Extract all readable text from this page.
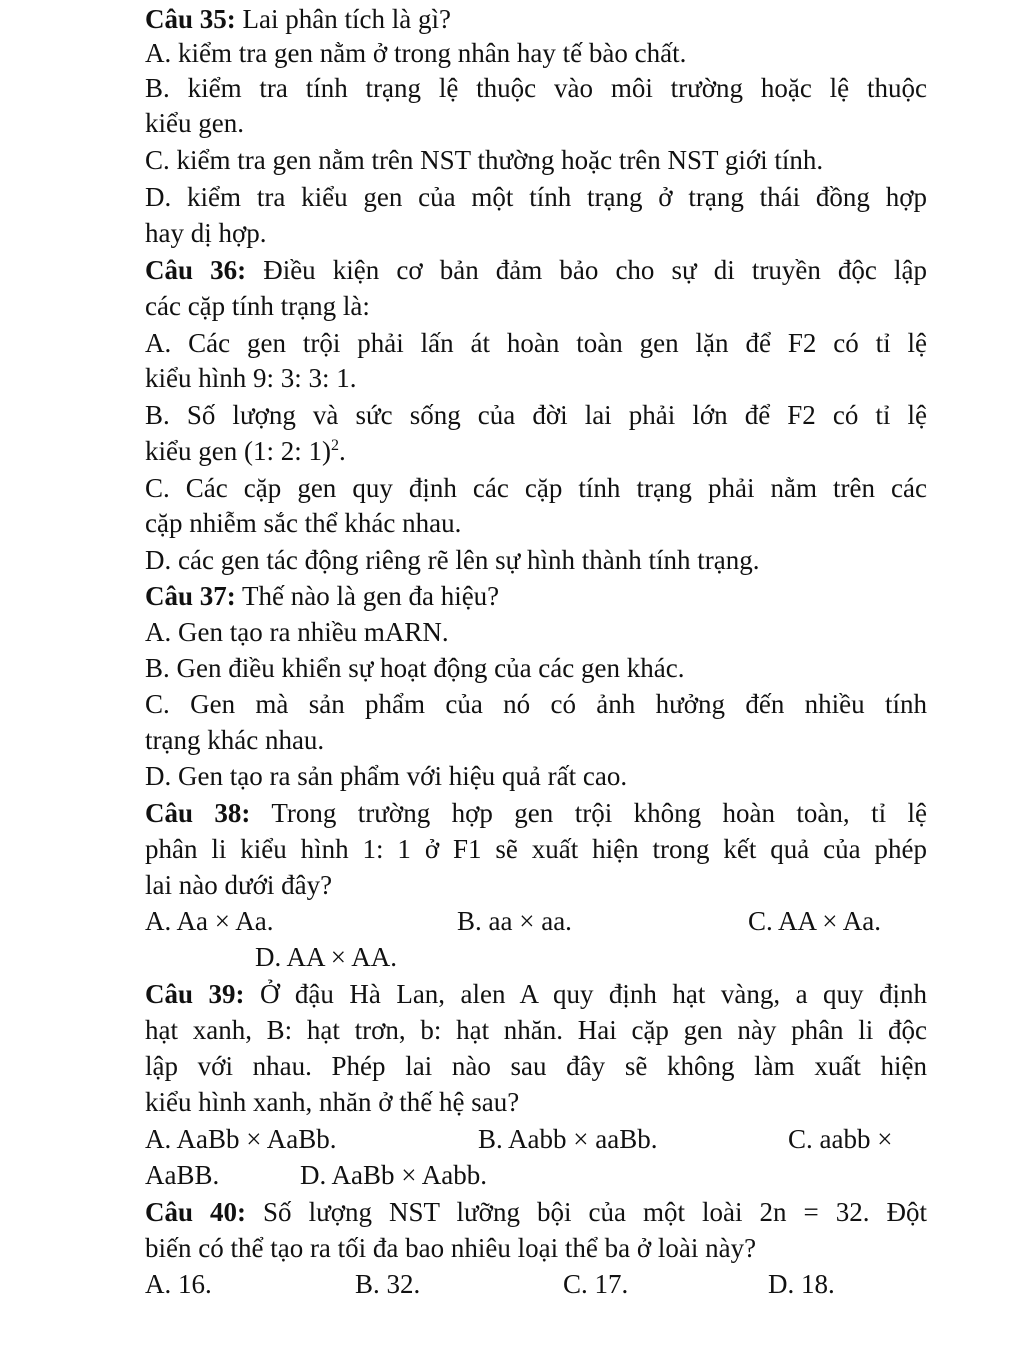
Câu 35: Lai phân tích là gì?
A. kiểm tra gen nằm ở trong nhân hay tế bào chất.
B. kiểm tra tính trạng lệ thuộc vào môi trường hoặc lệ thuộc
kiểu gen.
C. kiểm tra gen nằm trên NST thường hoặc trên NST giới tính.
D. kiểm tra kiểu gen của một tính trạng ở trạng thái đồng hợp
hay dị hợp.
Câu 36: Điều kiện cơ bản đảm bảo cho sự di truyền độc lập
các cặp tính trạng là:
A. Các gen trội phải lấn át hoàn toàn gen lặn để F2 có tỉ lệ
kiểu hình 9: 3: 3: 1.
B. Số lượng và sức sống của đời lai phải lớn để F2 có tỉ lệ
kiểu gen (1: 2: 1)$^2$.
C. Các cặp gen quy định các cặp tính trạng phải nằm trên các
cặp nhiễm sắc thể khác nhau.
D. các gen tác động riêng rẽ lên sự hình thành tính trạng.
Câu 37: Thế nào là gen đa hiệu?
A. Gen tạo ra nhiều mARN.
B. Gen điều khiển sự hoạt động của các gen khác.
C. Gen mà sản phẩm của nó có ảnh hưởng đến nhiều tính
trạng khác nhau.
D. Gen tạo ra sản phẩm với hiệu quả rất cao.
Câu 38: Trong trường hợp gen trội không hoàn toàn, tỉ lệ
phân li kiểu hình 1: 1 ở F1 sẽ xuất hiện trong kết quả của phép
lai nào dưới đây?
A. Aa × Aa.	B. aa × aa.	C. AA × Aa.
D. AA × AA.
Câu 39: Ở đậu Hà Lan, alen A quy định hạt vàng, a quy định
hạt xanh, B: hạt trơn, b: hạt nhăn. Hai cặp gen này phân li độc
lập với nhau. Phép lai nào sau đây sẽ không làm xuất hiện
kiểu hình xanh, nhăn ở thế hệ sau?
A. AaBb × AaBb.	B. Aabb × aaBb.	C. aabb ×
AaBB.	D. AaBb × Aabb.
Câu 40: Số lượng NST lưỡng bội của một loài 2n = 32. Đột
biến có thể tạo ra tối đa bao nhiêu loại thể ba ở loài này?
A. 16.	B. 32.	C. 17.	D. 18.
